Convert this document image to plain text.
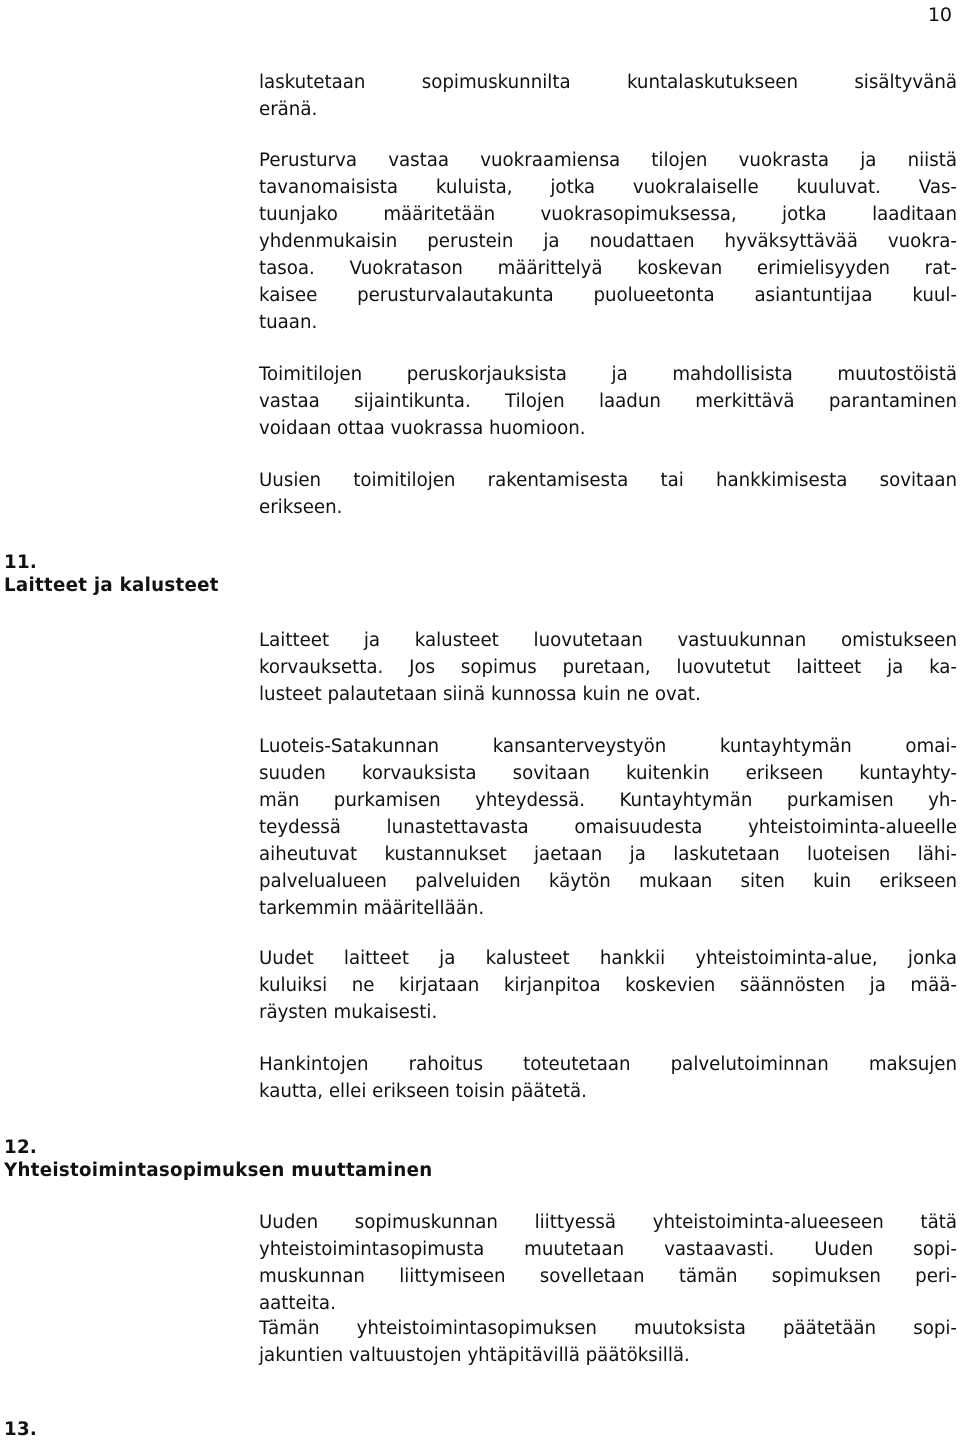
10
laskutetaan sopimuskunnilta kuntalaskutukseen sisältyvänä
eränä.
Perusturva vastaa vuokraamiensa tilojen vuokrasta ja niistä
tavanomaisista kuluista, jotka vuokralaiselle kuuluvat. Vas-
tuunjako määritetään vuokrasopimuksessa, jotka laaditaan
yhdenmukaisin perustein ja noudattaen hyväksyttävää vuokra-
tasoa. Vuokratason määrittelyä koskevan erimielisyyden rat-
kaisee perusturvalautakunta puolueetonta asiantuntijaa kuul-
tuaan.
Toimitilojen peruskorjauksista ja mahdollisista muutostöistä
vastaa sijaintikunta. Tilojen laadun merkittävä parantaminen
voidaan ottaa vuokrassa huomioon.
Uusien toimitilojen rakentamisesta tai hankkimisesta sovitaan
erikseen.
11.
Laitteet ja kalusteet
Laitteet ja kalusteet luovutetaan vastuukunnan omistukseen
korvauksetta. Jos sopimus puretaan, luovutetut laitteet ja ka-
lusteet palautetaan siinä kunnossa kuin ne ovat.
Luoteis-Satakunnan kansanterveystyön kuntayhtymän omai-
suuden korvauksista sovitaan kuitenkin erikseen kuntayhty-
män purkamisen yhteydessä. Kuntayhtymän purkamisen yh-
teydessä lunastettavasta omaisuudesta yhteistoiminta-alueelle
aiheutuvat kustannukset jaetaan ja laskutetaan luoteisen lähi-
palvelualueen palveluiden käytön mukaan siten kuin erikseen
tarkemmin määritellään.
Uudet laitteet ja kalusteet hankkii yhteistoiminta-alue, jonka
kuluiksi ne kirjataan kirjanpitoa koskevien säännösten ja mää-
räysten mukaisesti.
Hankintojen rahoitus toteutetaan palvelutoiminnan maksujen
kautta, ellei erikseen toisin päätetä.
12.
Yhteistoimintasopimuksen muuttaminen
Uuden sopimuskunnan liittyessä yhteistoiminta-alueeseen tätä
yhteistoimintasopimusta muutetaan vastaavasti. Uuden sopi-
muskunnan liittymiseen sovelletaan tämän sopimuksen peri-
aatteita.
Tämän yhteistoimintasopimuksen muutoksista päätetään sopi-
jakuntien valtuustojen yhtäpitävillä päätöksillä.
13.
